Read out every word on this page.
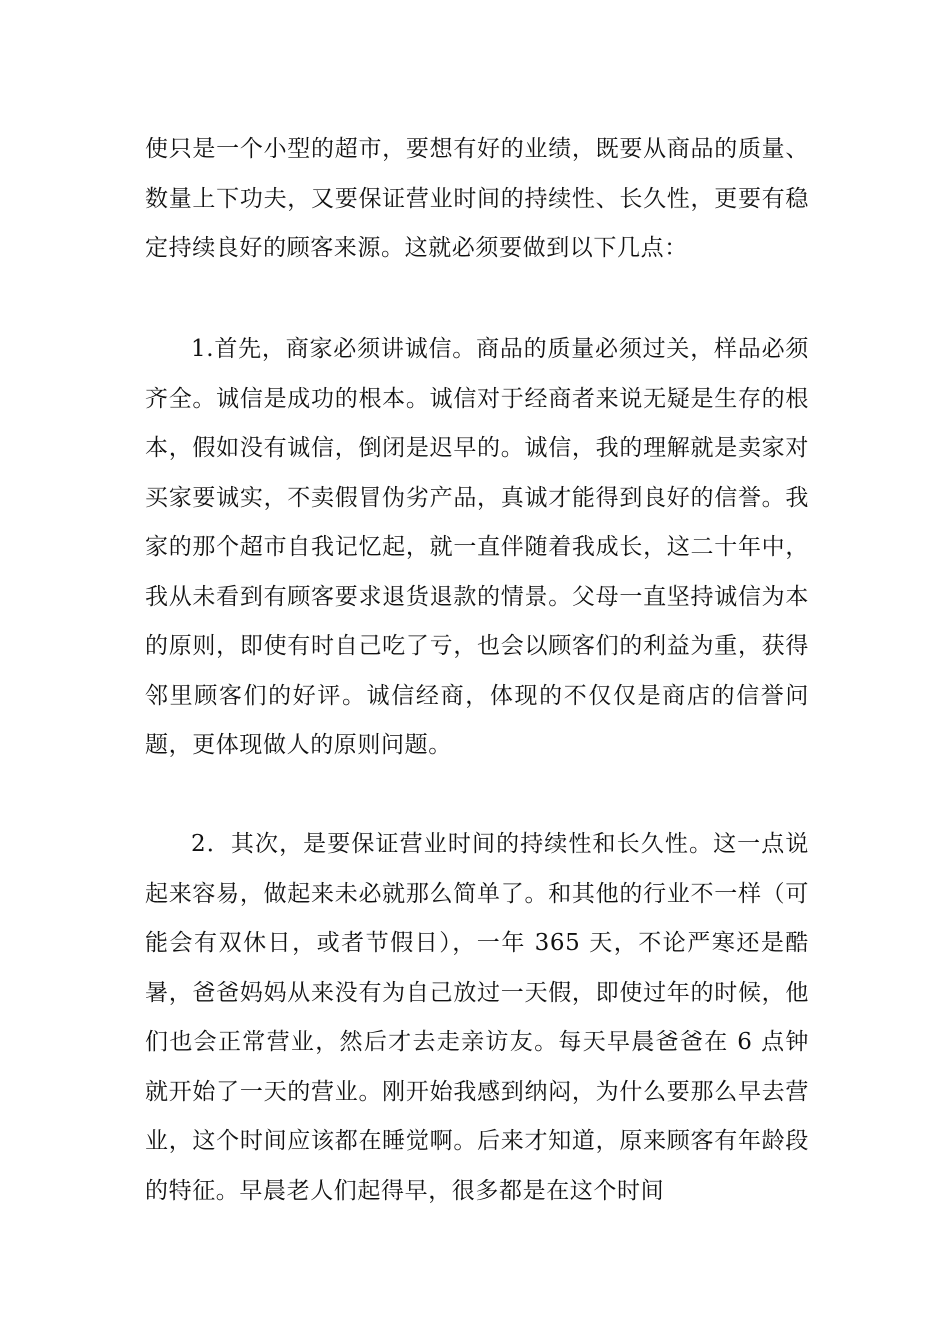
使只是一个小型的超市，要想有好的业绩，既要从商品的质量、数量上下功夫，又要保证营业时间的持续性、长久性，更要有稳定持续良好的顾客来源。这就必须要做到以下几点：

1.首先，商家必须讲诚信。商品的质量必须过关，样品必须齐全。诚信是成功的根本。诚信对于经商者来说无疑是生存的根本，假如没有诚信，倒闭是迟早的。诚信，我的理解就是卖家对买家要诚实，不卖假冒伪劣产品，真诚才能得到良好的信誉。我家的那个超市自我记忆起，就一直伴随着我成长，这二十年中，我从未看到有顾客要求退货退款的情景。父母一直坚持诚信为本的原则，即使有时自己吃了亏，也会以顾客们的利益为重，获得邻里顾客们的好评。诚信经商，体现的不仅仅是商店的信誉问题，更体现做人的原则问题。

2．其次，是要保证营业时间的持续性和长久性。这一点说起来容易，做起来未必就那么简单了。和其他的行业不一样（可能会有双休日，或者节假日），一年 365 天，不论严寒还是酷暑，爸爸妈妈从来没有为自己放过一天假，即使过年的时候，他们也会正常营业，然后才去走亲访友。每天早晨爸爸在 6 点钟就开始了一天的营业。刚开始我感到纳闷，为什么要那么早去营业，这个时间应该都在睡觉啊。后来才知道，原来顾客有年龄段的特征。早晨老人们起得早，很多都是在这个时间
